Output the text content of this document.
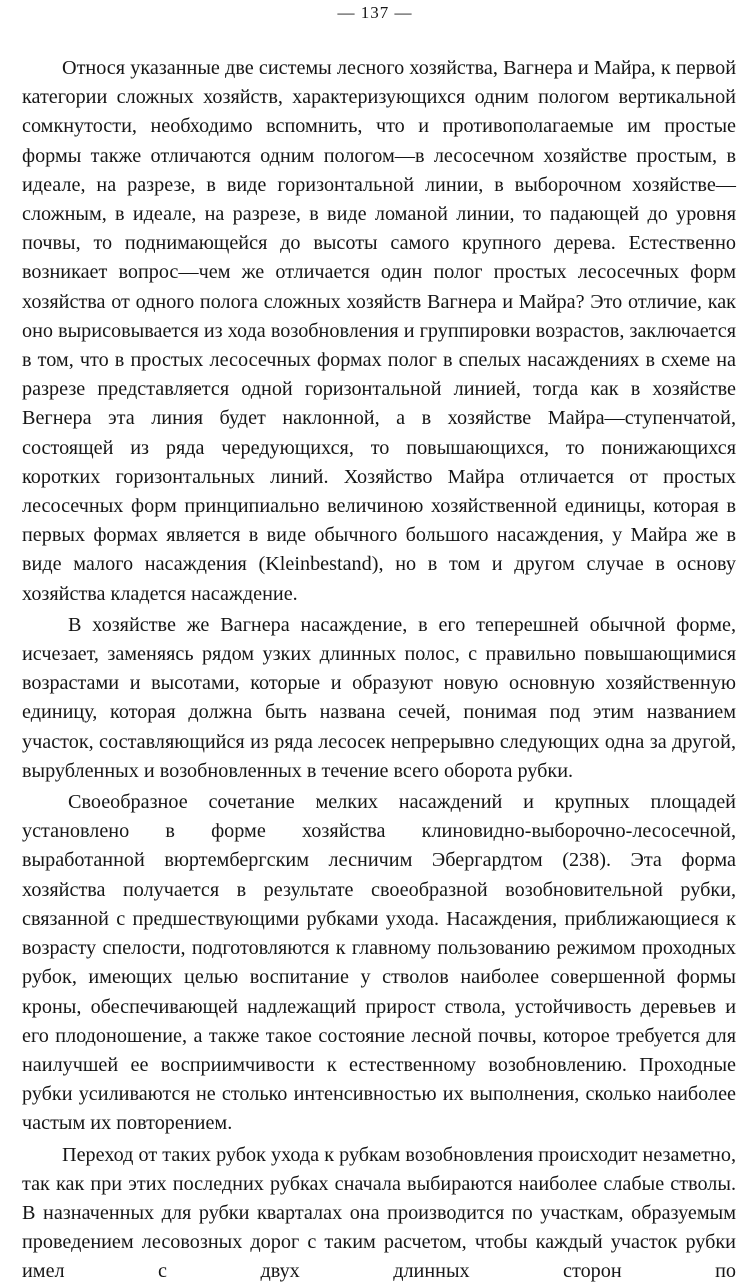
— 137 —

Относя указанные две системы лесного хозяйства, Вагнера и Майра, к первой категории сложных хозяйств, характеризующихся одним пологом вертикальной сомкнутости, необходимо вспомнить, что и противополагаемые им простые формы также отличаются одним пологом—в лесосечном хозяйстве простым, в идеале, на разрезе, в виде горизонтальной линии, в выборочном хозяйстве—сложным, в идеале, на разрезе, в виде ломаной линии, то падающей до уровня почвы, то поднимающейся до высоты самого крупного дерева. Естественно возникает вопрос—чем же отличается один полог простых лесосечных форм хозяйства от одного полога сложных хозяйств Вагнера и Майра? Это отличие, как оно вырисовывается из хода возобновления и группировки возрастов, заключается в том, что в простых лесосечных формах полог в спелых насаждениях в схеме на разрезе представляется одной горизонтальной линией, тогда как в хозяйстве Вегнера эта линия будет наклонной, а в хозяйстве Майра—ступенчатой, состоящей из ряда чередующихся, то повышающихся, то понижающихся коротких горизонтальных линий. Хозяйство Майра отличается от простых лесосечных форм принципиально величиною хозяйственной единицы, которая в первых формах является в виде обычного большого насаждения, у Майра же в виде малого насаждения (Kleinbestand), но в том и другом случае в основу хозяйства кладется насаждение.

В хозяйстве же Вагнера насаждение, в его теперешней обычной форме, исчезает, заменяясь рядом узких длинных полос, с правильно повышающимися возрастами и высотами, которые и образуют новую основную хозяйственную единицу, которая должна быть названа сечей, понимая под этим названием участок, составляющийся из ряда лесосек непрерывно следующих одна за другой, вырубленных и возобновленных в течение всего оборота рубки.

Своеобразное сочетание мелких насаждений и крупных площадей установлено в форме хозяйства клиновидно-выборочно-лесосечной, выработанной вюртембергским лесничим Эбергардтом (238). Эта форма хозяйства получается в результате своеобразной возобновительной рубки, связанной с предшествующими рубками ухода. Насаждения, приближающиеся к возрасту спелости, подготовляются к главному пользованию режимом проходных рубок, имеющих целью воспитание у стволов наиболее совершенной формы кроны, обеспечивающей надлежащий прирост ствола, устойчивость деревьев и его плодоношение, а также такое состояние лесной почвы, которое требуется для наилучшей ее восприимчивости к естественному возобновлению. Проходные рубки усиливаются не столько интенсивностью их выполнения, сколько наиболее частым их повторением.

Переход от таких рубок ухода к рубкам возобновления происходит незаметно, так как при этих последних рубках сначала выбираются наиболее слабые стволы. В назначенных для рубки кварталах она производится по участкам, образуемым проведением лесовозных дорог с таким расчетом, чтобы каждый участок рубки имел с двух длинных сторон по
